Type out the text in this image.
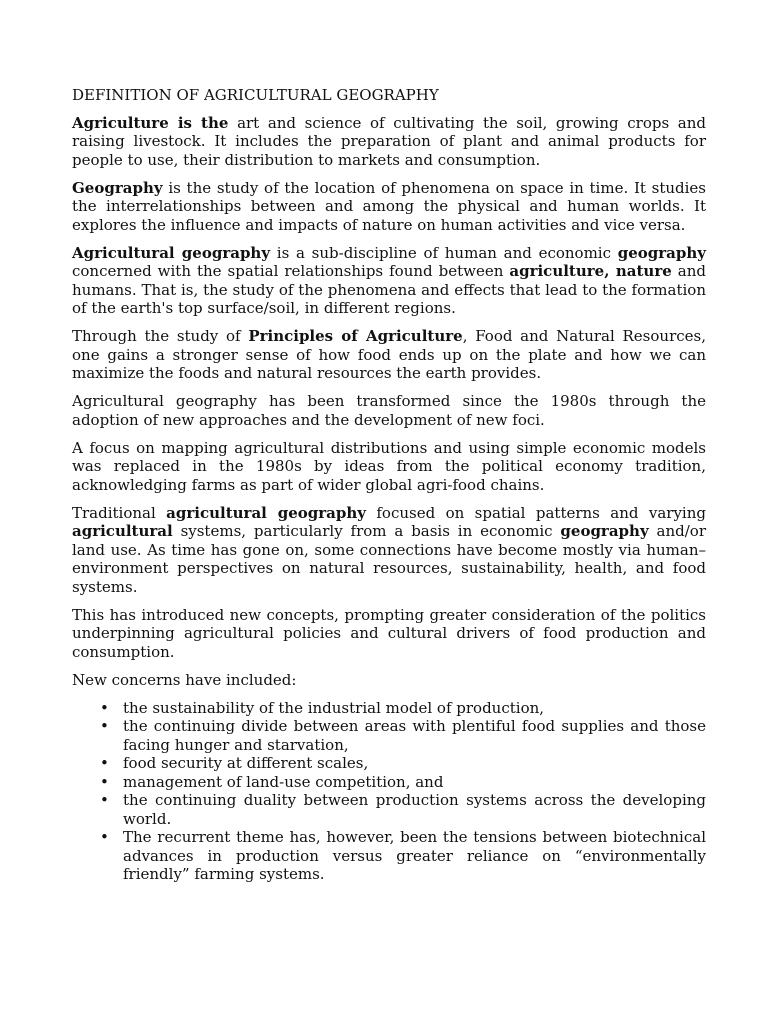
DEFINITION OF AGRICULTURAL GEOGRAPHY

Agriculture is the art and science of cultivating the soil, growing crops and raising livestock. It includes the preparation of plant and animal products for people to use, their distribution to markets and consumption.

Geography is the study of the location of phenomena on space in time. It studies the interrelationships between and among the physical and human worlds. It explores the influence and impacts of nature on human activities and vice versa.

Agricultural geography is a sub-discipline of human and economic geography concerned with the spatial relationships found between agriculture, nature and humans. That is, the study of the phenomena and effects that lead to the formation of the earth's top surface/soil, in different regions.

Through the study of Principles of Agriculture, Food and Natural Resources, one gains a stronger sense of how food ends up on the plate and how we can maximize the foods and natural resources the earth provides.

Agricultural geography has been transformed since the 1980s through the adoption of new approaches and the development of new foci.

A focus on mapping agricultural distributions and using simple economic models was replaced in the 1980s by ideas from the political economy tradition, acknowledging farms as part of wider global agri-food chains.

Traditional agricultural geography focused on spatial patterns and varying agricultural systems, particularly from a basis in economic geography and/or land use. As time has gone on, some connections have become mostly via human–environment perspectives on natural resources, sustainability, health, and food systems.

This has introduced new concepts, prompting greater consideration of the politics underpinning agricultural policies and cultural drivers of food production and consumption.

New concerns have included:

• the sustainability of the industrial model of production,
• the continuing divide between areas with plentiful food supplies and those facing hunger and starvation,
• food security at different scales,
• management of land-use competition, and
• the continuing duality between production systems across the developing world.
• The recurrent theme has, however, been the tensions between biotechnical advances in production versus greater reliance on “environmentally friendly” farming systems.
